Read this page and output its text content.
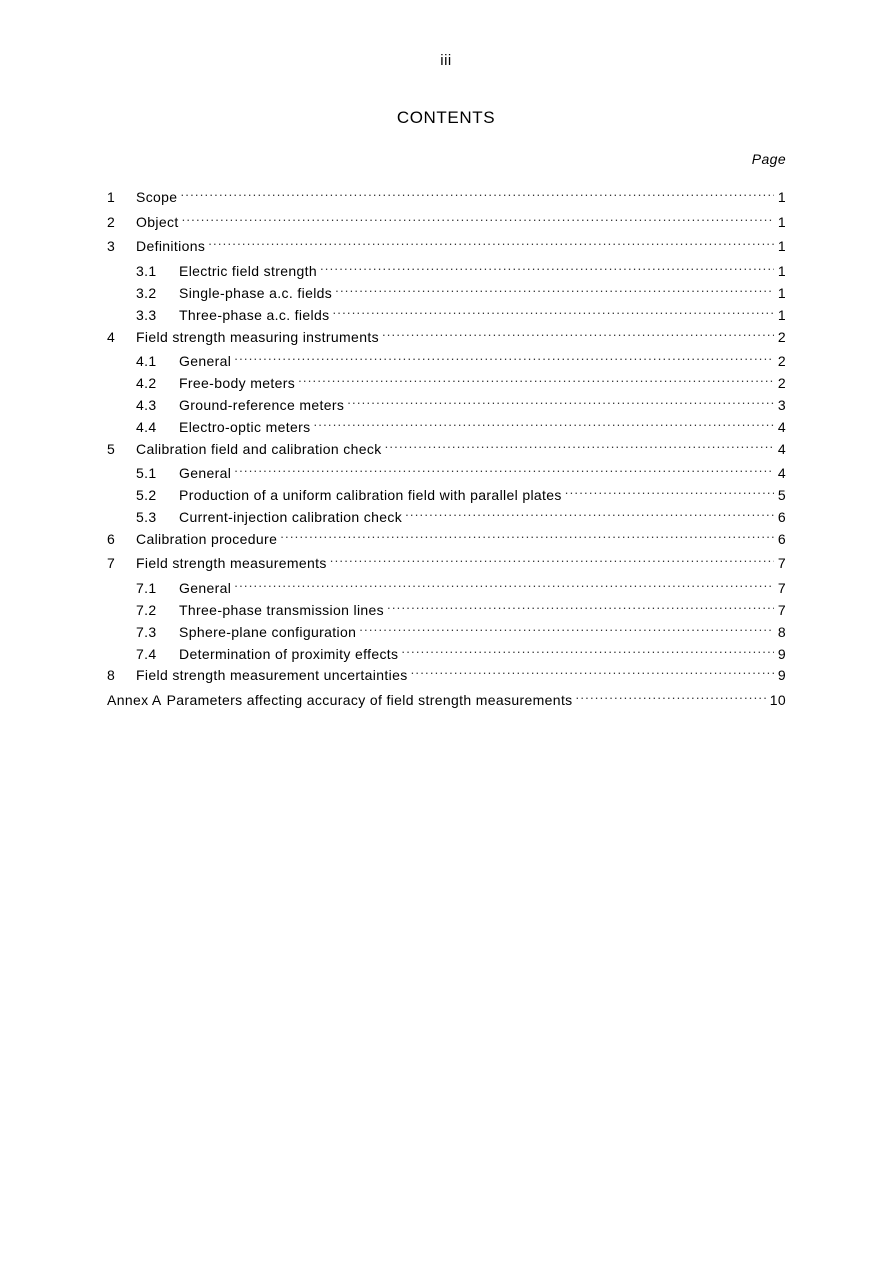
iii
CONTENTS
Page
1	Scope .....	1
2	Object .....	1
3	Definitions .....	1
3.1	Electric field strength .....	1
3.2	Single-phase a.c. fields .....	1
3.3	Three-phase a.c. fields .....	1
4	Field strength measuring instruments .....	2
4.1	General .....	2
4.2	Free-body meters .....	2
4.3	Ground-reference meters .....	3
4.4	Electro-optic meters .....	4
5	Calibration field and calibration check .....	4
5.1	General .....	4
5.2	Production of a uniform calibration field with parallel plates .....	5
5.3	Current-injection calibration check .....	6
6	Calibration procedure .....	6
7	Field strength measurements .....	7
7.1	General .....	7
7.2	Three-phase transmission lines .....	7
7.3	Sphere-plane configuration .....	8
7.4	Determination of proximity effects .....	9
8	Field strength measurement uncertainties .....	9
Annex A Parameters affecting accuracy of field strength measurements .....	10
